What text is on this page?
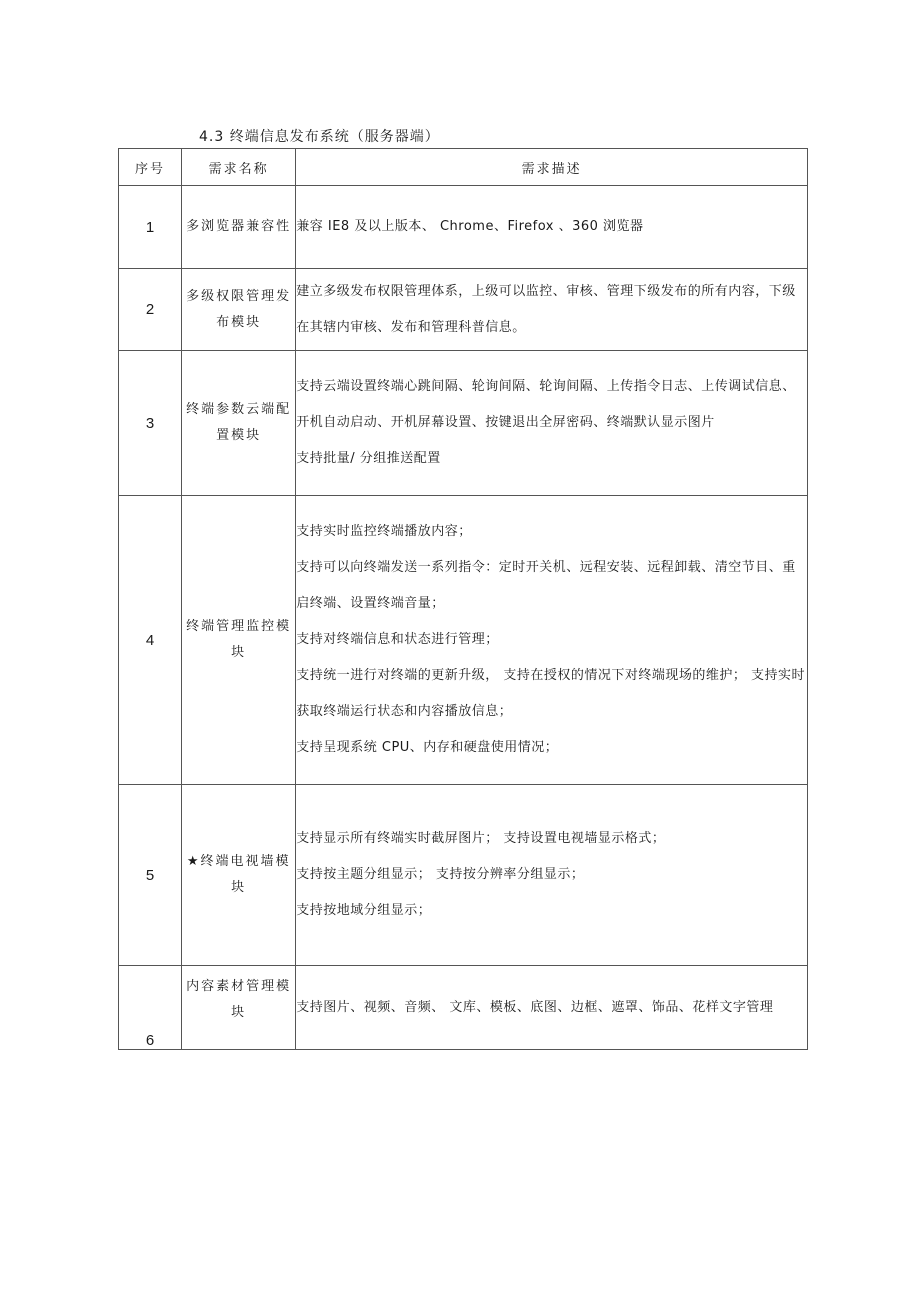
4.3 终端信息发布系统（服务器端）
序号	需求名称	需求描述
1	多浏览器兼容性	兼容 IE8 及以上版本、 Chrome、Firefox 、360 浏览器

2	多级权限管理发布模块	建立多级发布权限管理体系，上级可以监控、审核、管理下级发布的所有内容，下级在其辖内审核、发布和管理科普信息。

3	终端参数云端配置模块	支持云端设置终端心跳间隔、轮询间隔、轮询间隔、上传指令日志、上传调试信息、开机自动启动、开机屏幕设置、按键退出全屏密码、终端默认显示图片
支持批量/ 分组推送配置

4	终端管理监控模块	支持实时监控终端播放内容；
支持可以向终端发送一系列指令：定时开关机、远程安装、远程卸载、清空节目、重启终端、设置终端音量；
支持对终端信息和状态进行管理；
支持统一进行对终端的更新升级， 支持在授权的情况下对终端现场的维护； 支持实时获取终端运行状态和内容播放信息；
支持呈现系统 CPU、内存和硬盘使用情况；

5	★终端电视墙模块	支持显示所有终端实时截屏图片； 支持设置电视墙显示格式；
支持按主题分组显示； 支持按分辨率分组显示；
支持按地域分组显示；

6	内容素材管理模块	支持图片、视频、音频、 文库、模板、底图、边框、遮罩、饰品、花样文字管理
